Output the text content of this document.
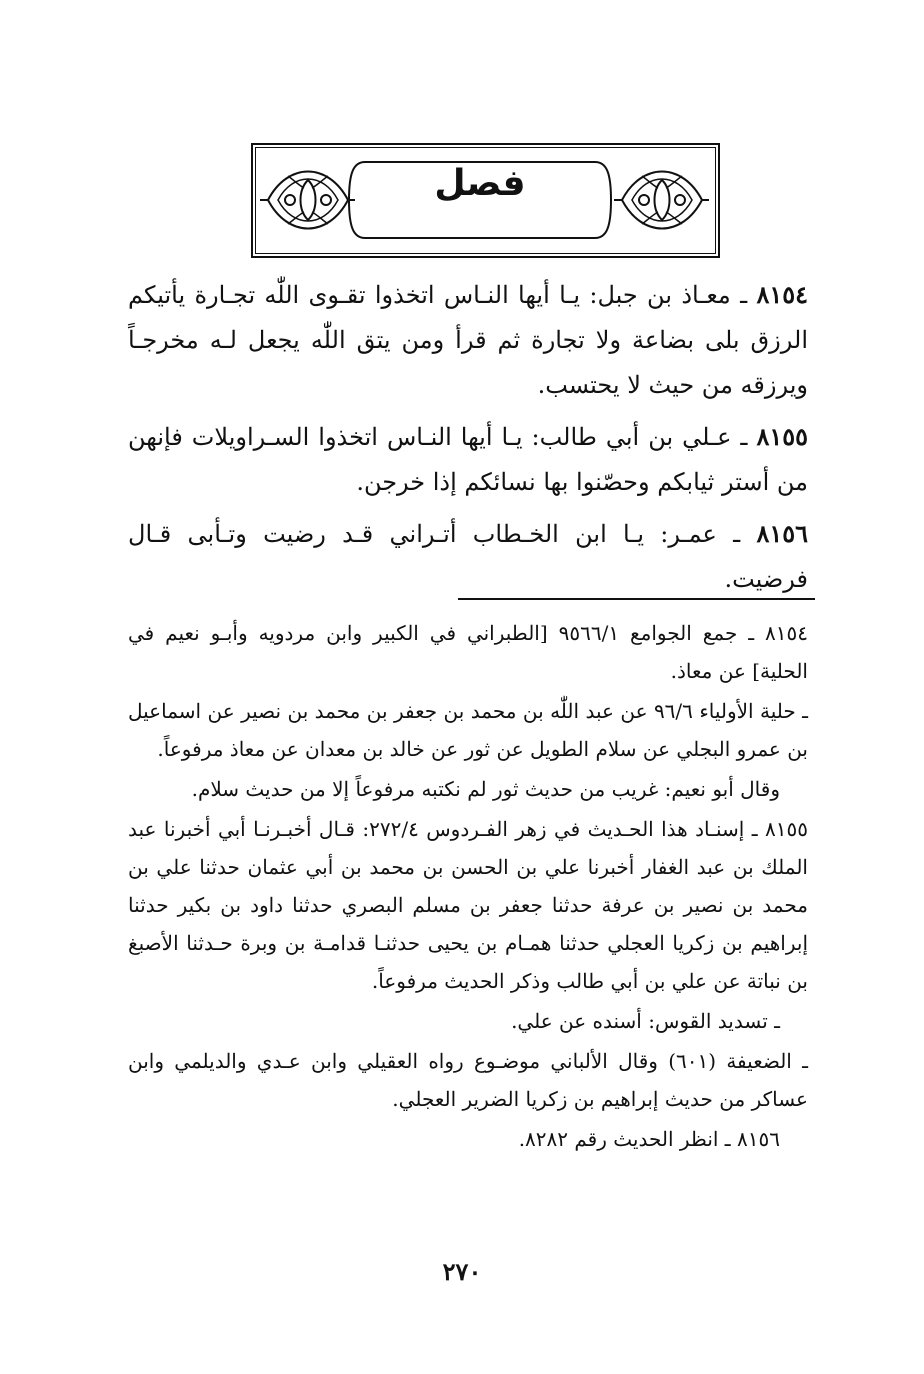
فصل

٨١٥٤ ـ معـاذ بن جبل: يـا أيها النـاس اتخذوا تقـوى اللّٰه تجـارة يأتيكم الرزق بلى بضاعة ولا تجارة ثم قرأ ومن يتق اللّٰه يجعل لـه مخرجـاً ويرزقه من حيث لا يحتسب.

٨١٥٥ ـ عـلي بن أبي طالب: يـا أيها النـاس اتخذوا السـراويلات فإنهن من أستر ثيابكم وحصّنوا بها نسائكم إذا خرجن.

٨١٥٦ ـ عمـر: يـا ابن الخـطاب أتـراني قـد رضيت وتـأبى قـال فرضيت.

٨١٥٤ ـ جمع الجوامع ٩٥٦٦/١ [الطبراني في الكبير وابن مردويه وأبـو نعيم في الحلية] عن معاذ.

ـ حلية الأولياء ٩٦/٦ عن عبد اللّٰه بن محمد بن جعفر بن محمد بن نصير عن اسماعيل بن عمرو البجلي عن سلام الطويل عن ثور عن خالد بن معدان عن معاذ مرفوعاً.

وقال أبو نعيم: غريب من حديث ثور لم نكتبه مرفوعاً إلا من حديث سلام.

٨١٥٥ ـ إسنـاد هذا الحـديث في زهر الفـردوس ٢٧٢/٤: قـال أخبـرنـا أبي أخبرنا عبد الملك بن عبد الغفار أخبرنا علي بن الحسن بن محمد بن أبي عثمان حدثنا علي بن محمد بن نصير بن عرفة حدثنا جعفر بن مسلم البصري حدثنا داود بن بكير حدثنا إبراهيم بن زكريا العجلي حدثنا همـام بن يحيى حدثنـا قدامـة بن وبرة حـدثنا الأصبغ بن نباتة عن علي بن أبي طالب وذكر الحديث مرفوعاً.

ـ تسديد القوس: أسنده عن علي.

ـ الضعيفة (٦٠١) وقال الألباني موضـوع رواه العقيلي وابن عـدي والديلمي وابن عساكر من حديث إبراهيم بن زكريا الضرير العجلي.

٨١٥٦ ـ انظر الحديث رقم ٨٢٨٢.

٢٧٠
